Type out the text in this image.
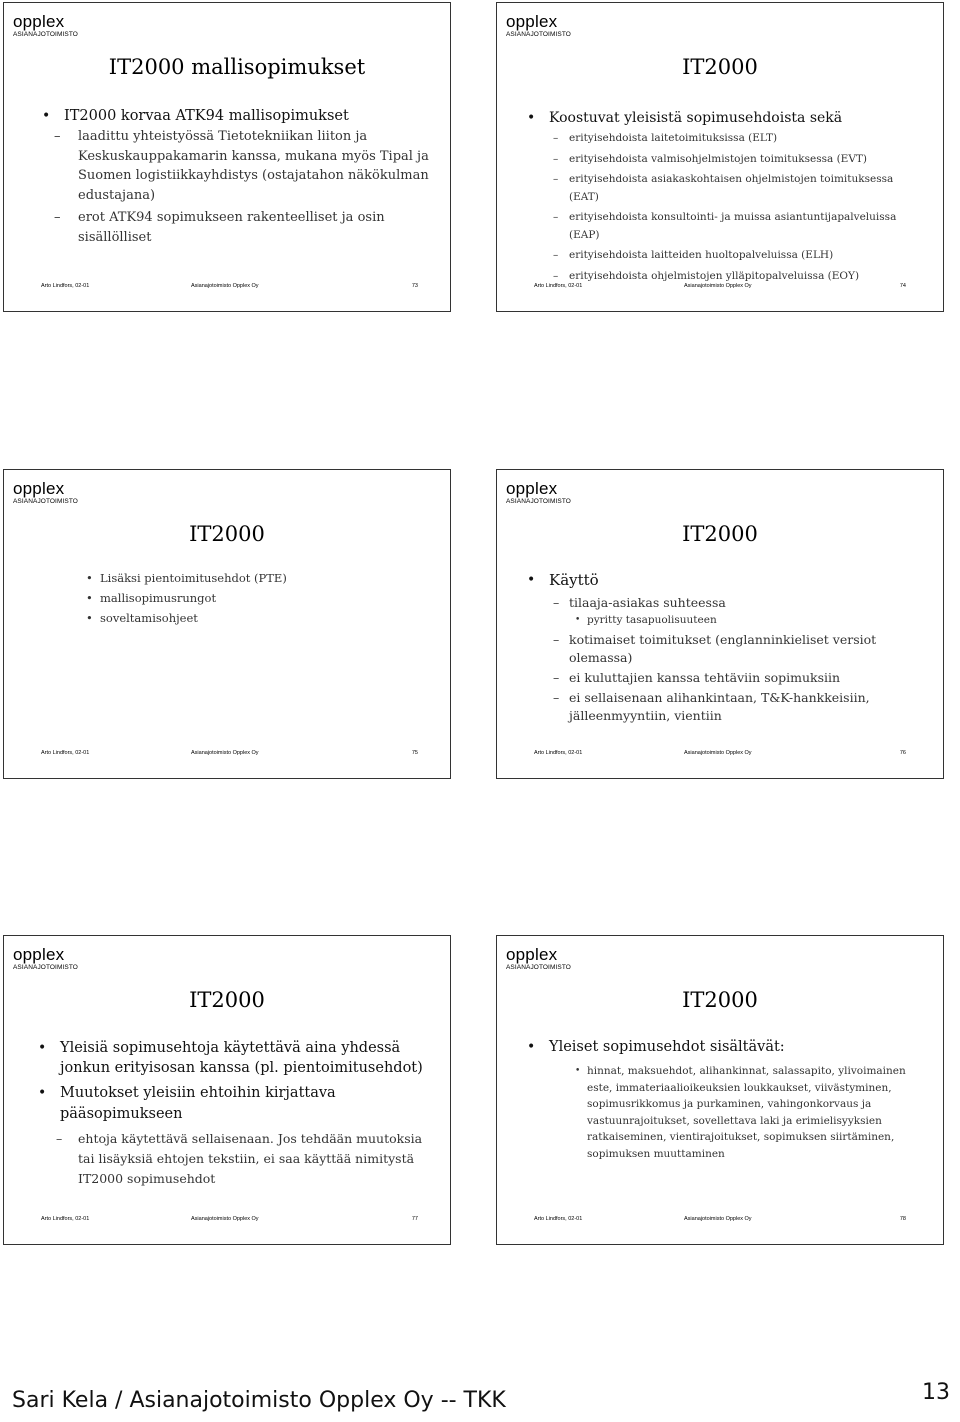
opplex
ASIANAJOTOIMISTO
IT2000 mallisopimukset

• IT2000 korvaa ATK94 mallisopimukset

– laadittu yhteistyössä Tietotekniikan liiton ja Keskuskauppakamarin kanssa, mukana myös Tipal ja Suomen logistiikkayhdistys (ostajatahon näkökulman edustajana)

– erot ATK94 sopimukseen rakenteelliset ja osin sisällölliset

Arto Lindfors, 02-01	Asianajotoimisto Opplex Oy	73
opplex
ASIANAJOTOIMISTO
IT2000

• Koostuvat yleisistä sopimusehdoista sekä

– erityisehdoista laitetoimituksissa (ELT)

– erityisehdoista valmisohjelmistojen toimituksessa (EVT)

– erityisehdoista asiakaskohtaisen ohjelmistojen toimituksessa (EAT)

– erityisehdoista konsultointi- ja muissa asiantuntijapalveluissa (EAP)

– erityisehdoista laitteiden huoltopalveluissa (ELH)

– erityisehdoista ohjelmistojen ylläpitopalveluissa (EOY)

Arto Lindfors, 02-01	Asianajotoimisto Opplex Oy	74
opplex
ASIANAJOTOIMISTO
IT2000

• Lisäksi pientoimitusehdot (PTE)

• mallisopimusrungot

• soveltamisohjeet

Arto Lindfors, 02-01	Asianajotoimisto Opplex Oy	75
opplex
ASIANAJOTOIMISTO
IT2000

• Käyttö

– tilaaja-asiakas suhteessa

• pyritty tasapuolisuuteen

– kotimaiset toimitukset (englanninkieliset versiot olemassa)

– ei kuluttajien kanssa tehtäviin sopimuksiin

– ei sellaisenaan alihankintaan, T&K-hankkeisiin, jälleenmyyntiin, vientiin

Arto Lindfors, 02-01	Asianajotoimisto Opplex Oy	76
opplex
ASIANAJOTOIMISTO
IT2000

• Yleisiä sopimusehtoja käytettävä aina yhdessä jonkun erityisosan kanssa (pl. pientoimitusehdot)

• Muutokset yleisiin ehtoihin kirjattava pääsopimukseen

– ehtoja käytettävä sellaisenaan. Jos tehdään muutoksia tai lisäyksiä ehtojen tekstiin, ei saa käyttää nimitystä IT2000 sopimusehdot

Arto Lindfors, 02-01	Asianajotoimisto Opplex Oy	77
opplex
ASIANAJOTOIMISTO
IT2000

• Yleiset sopimusehdot sisältävät:

• hinnat, maksuehdot, alihankinnat, salassapito, ylivoimainen este, immateriaalioikeuksien loukkaukset, viivästyminen, sopimusrikkomus ja purkaminen, vahingonkorvaus ja vastuunrajoitukset, sovellettava laki ja erimielisyyksien ratkaiseminen, vientirajoitukset, sopimuksen siirtäminen, sopimuksen muuttaminen

Arto Lindfors, 02-01	Asianajotoimisto Opplex Oy	78
Sari Kela / Asianajotoimisto Opplex Oy -- TKK	13
